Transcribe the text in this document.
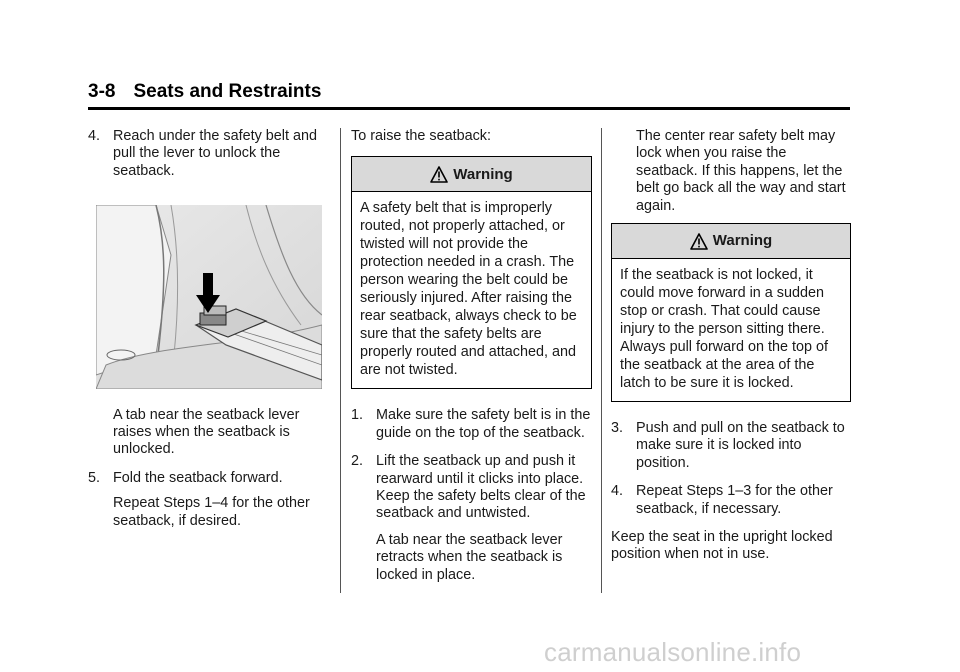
3-8 Seats and Restraints
4. Reach under the safety belt and pull the lever to unlock the seatback.

A tab near the seatback lever raises when the seatback is unlocked.

5. Fold the seatback forward.

Repeat Steps 1–4 for the other seatback, if desired.

To raise the seatback:

Warning
A safety belt that is improperly routed, not properly attached, or twisted will not provide the protection needed in a crash. The person wearing the belt could be seriously injured. After raising the rear seatback, always check to be sure that the safety belts are properly routed and attached, and are not twisted.
1. Make sure the safety belt is in the guide on the top of the seatback.
2. Lift the seatback up and push it rearward until it clicks into place. Keep the safety belts clear of the seatback and untwisted.

A tab near the seatback lever retracts when the seatback is locked in place.

The center rear safety belt may lock when you raise the seatback. If this happens, let the belt go back all the way and start again.

Warning
If the seatback is not locked, it could move forward in a sudden stop or crash. That could cause injury to the person sitting there. Always pull forward on the top of the seatback at the area of the latch to be sure it is locked.
3. Push and pull on the seatback to make sure it is locked into position.
4. Repeat Steps 1–3 for the other seatback, if necessary.

Keep the seat in the upright locked position when not in use.

carmanualsonline.info
